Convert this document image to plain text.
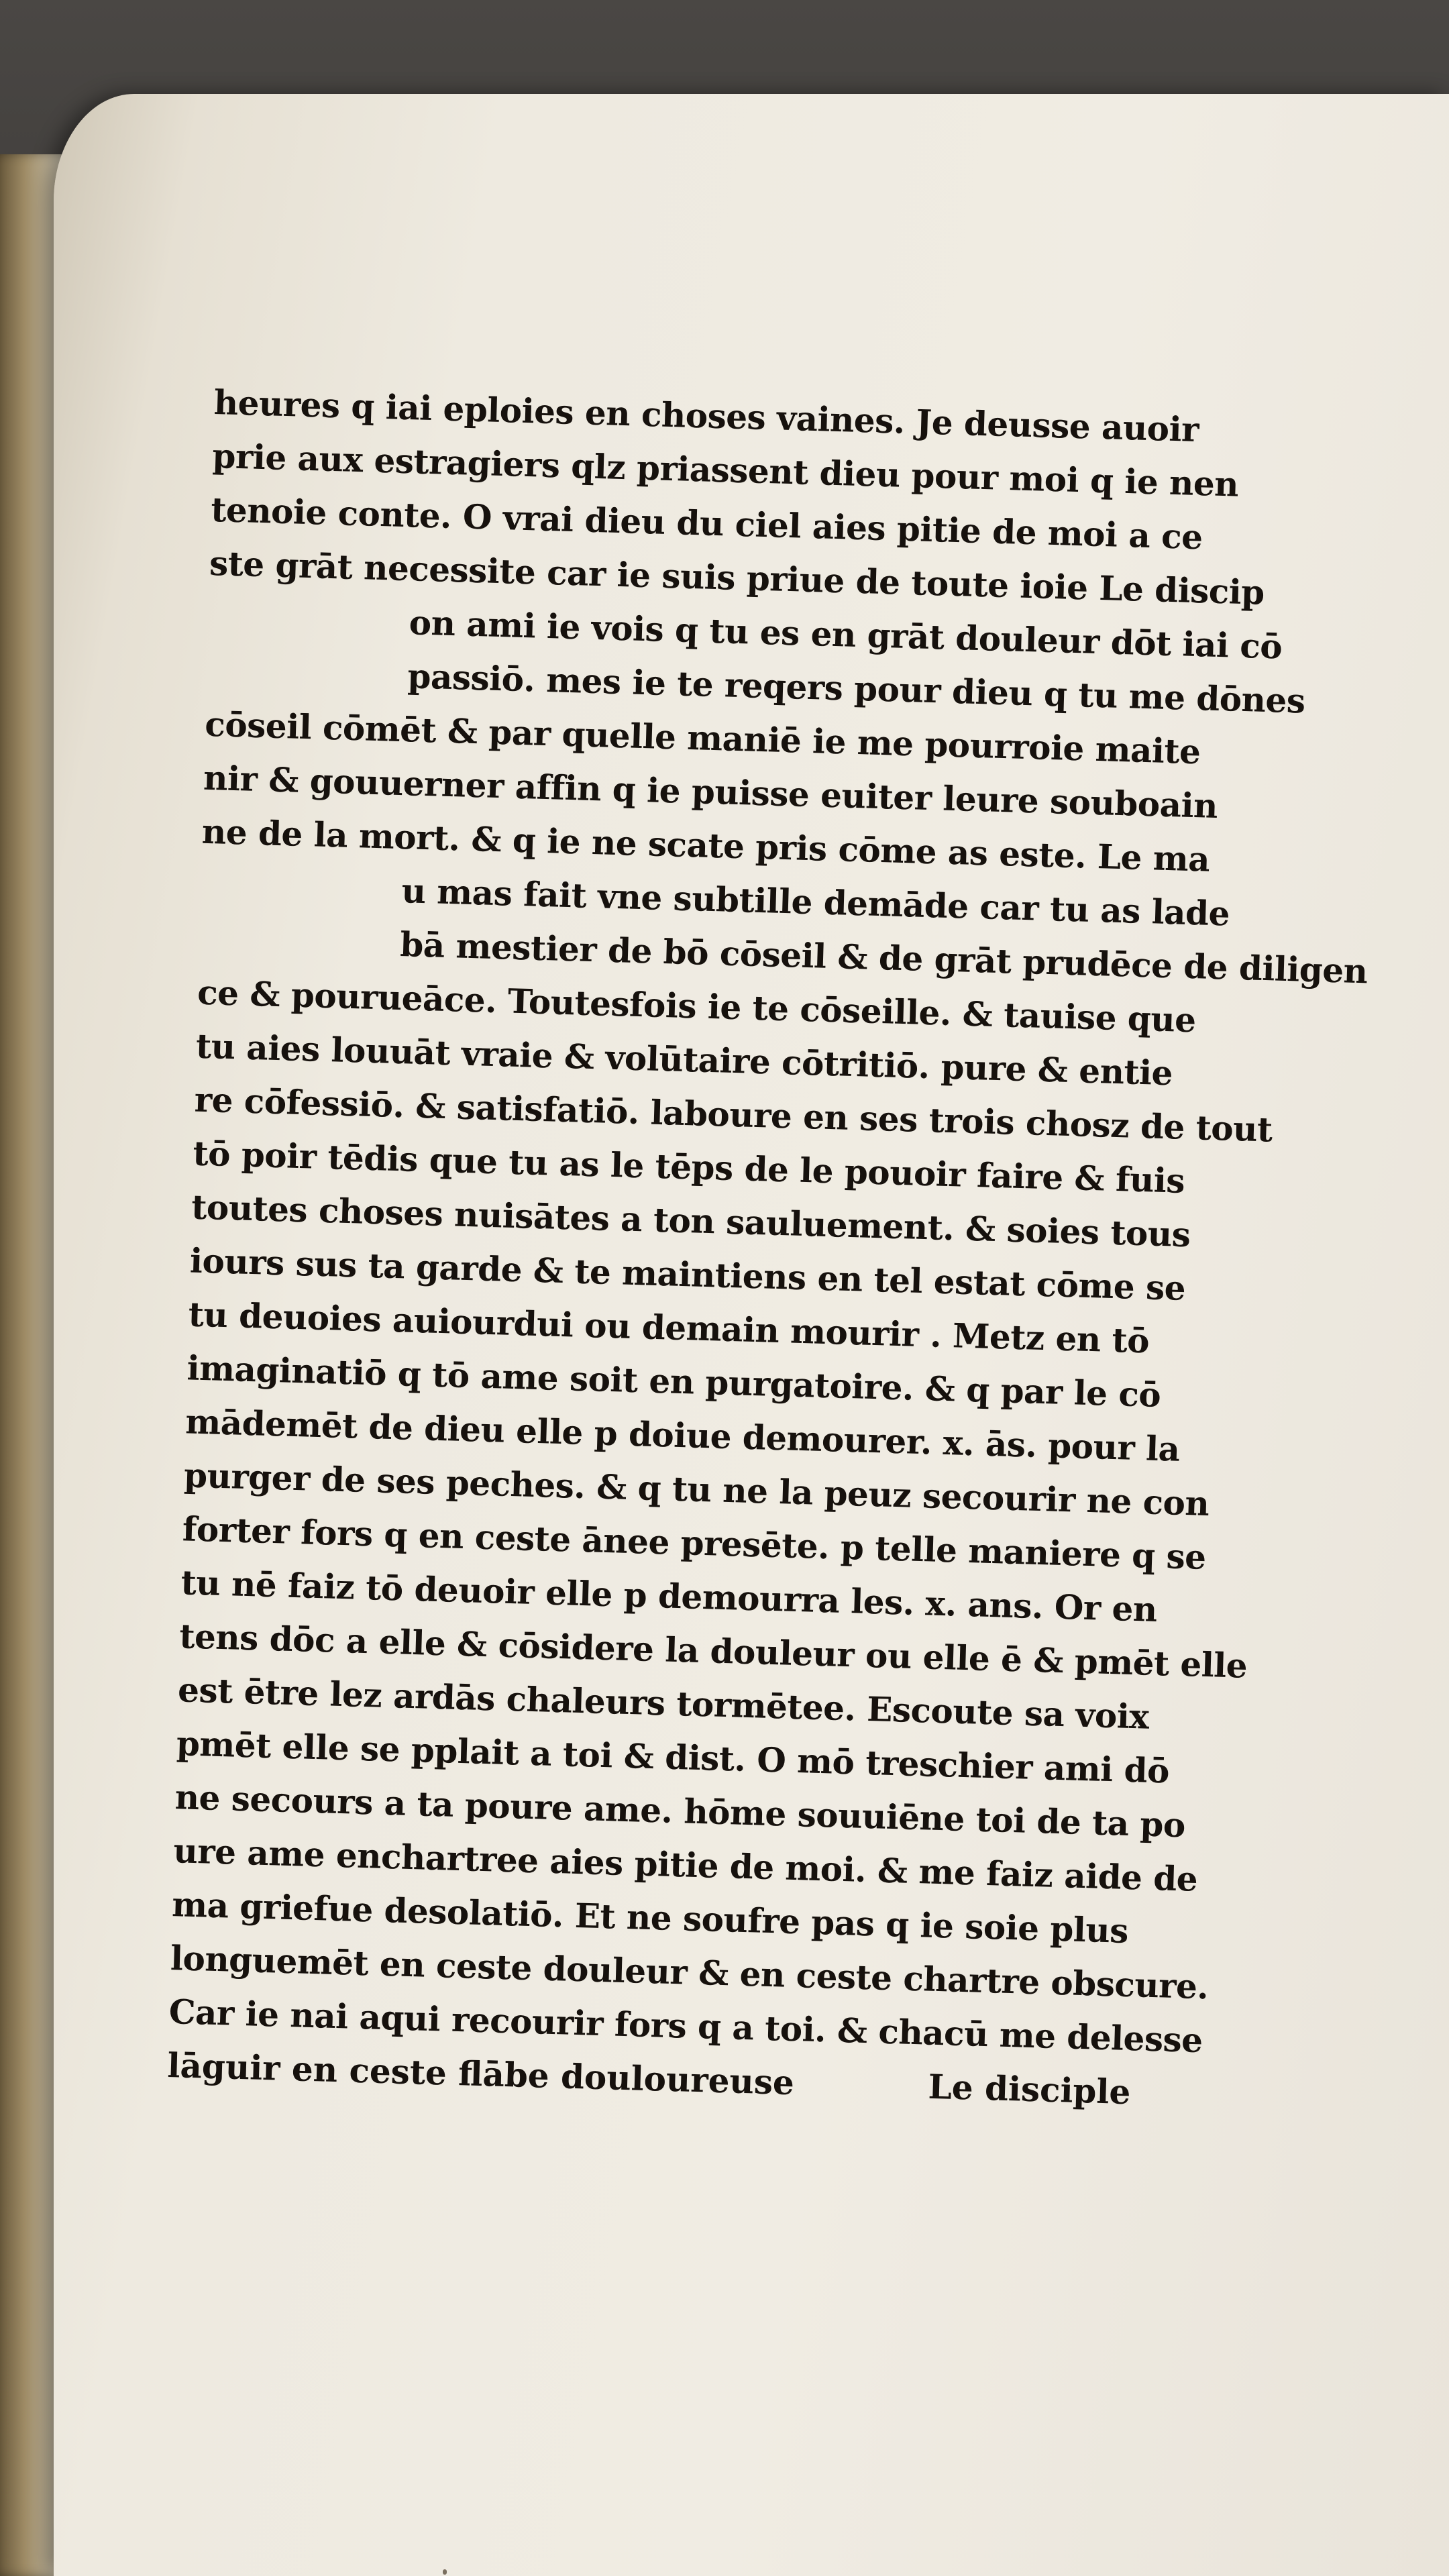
heures q iai eploies en choses vaines. Je deusse auoir
prie aux estragiers qlz priassent dieu pour moi q ie nen
tenoie conte. O vrai dieu du ciel aies pitie de moi a ce
ste grāt necessite car ie suis priue de toute ioie Le discip
on ami ie vois q tu es en grāt douleur dōt iai cō
passiō. mes ie te reqers pour dieu q tu me dōnes
cōseil cōmēt & par quelle maniē ie me pourroie maite
nir & gouuerner affin q ie puisse euiter leure souboain
ne de la mort. & q ie ne scate pris cōme as este. Le ma
u mas fait vne subtille demāde car tu as lade
bā mestier de bō cōseil & de grāt prudēce de diligen
ce & pourueāce. Toutesfois ie te cōseille. & tauise que
tu aies louuāt vraie & volūtaire cōtritiō. pure & entie
re cōfessiō. & satisfatiō. laboure en ses trois chosz de tout
tō poir tēdis que tu as le tēps de le pouoir faire & fuis
toutes choses nuisātes a ton sauluement. & soies tous
iours sus ta garde & te maintiens en tel estat cōme se
tu deuoies auiourdui ou demain mourir . Metz en tō
imaginatiō q tō ame soit en purgatoire. & q par le cō
mādemēt de dieu elle p doiue demourer. x. ās. pour la
purger de ses peches. & q tu ne la peuz secourir ne con
forter fors q en ceste ānee presēte. p telle maniere q se
tu nē faiz tō deuoir elle p demourra les. x. ans. Or en
tens dōc a elle & cōsidere la douleur ou elle ē & pmēt elle
est ētre lez ardās chaleurs tormētee. Escoute sa voix
pmēt elle se pplait a toi & dist. O mō treschier ami dō
ne secours a ta poure ame. hōme souuiēne toi de ta po
ure ame enchartree aies pitie de moi. & me faiz aide de
ma griefue desolatiō. Et ne soufre pas q ie soie plus
longuemēt en ceste douleur & en ceste chartre obscure.
Car ie nai aqui recourir fors q a toi. & chacū me delesse
lāguir en ceste flābe douloureuse	Le disciple
